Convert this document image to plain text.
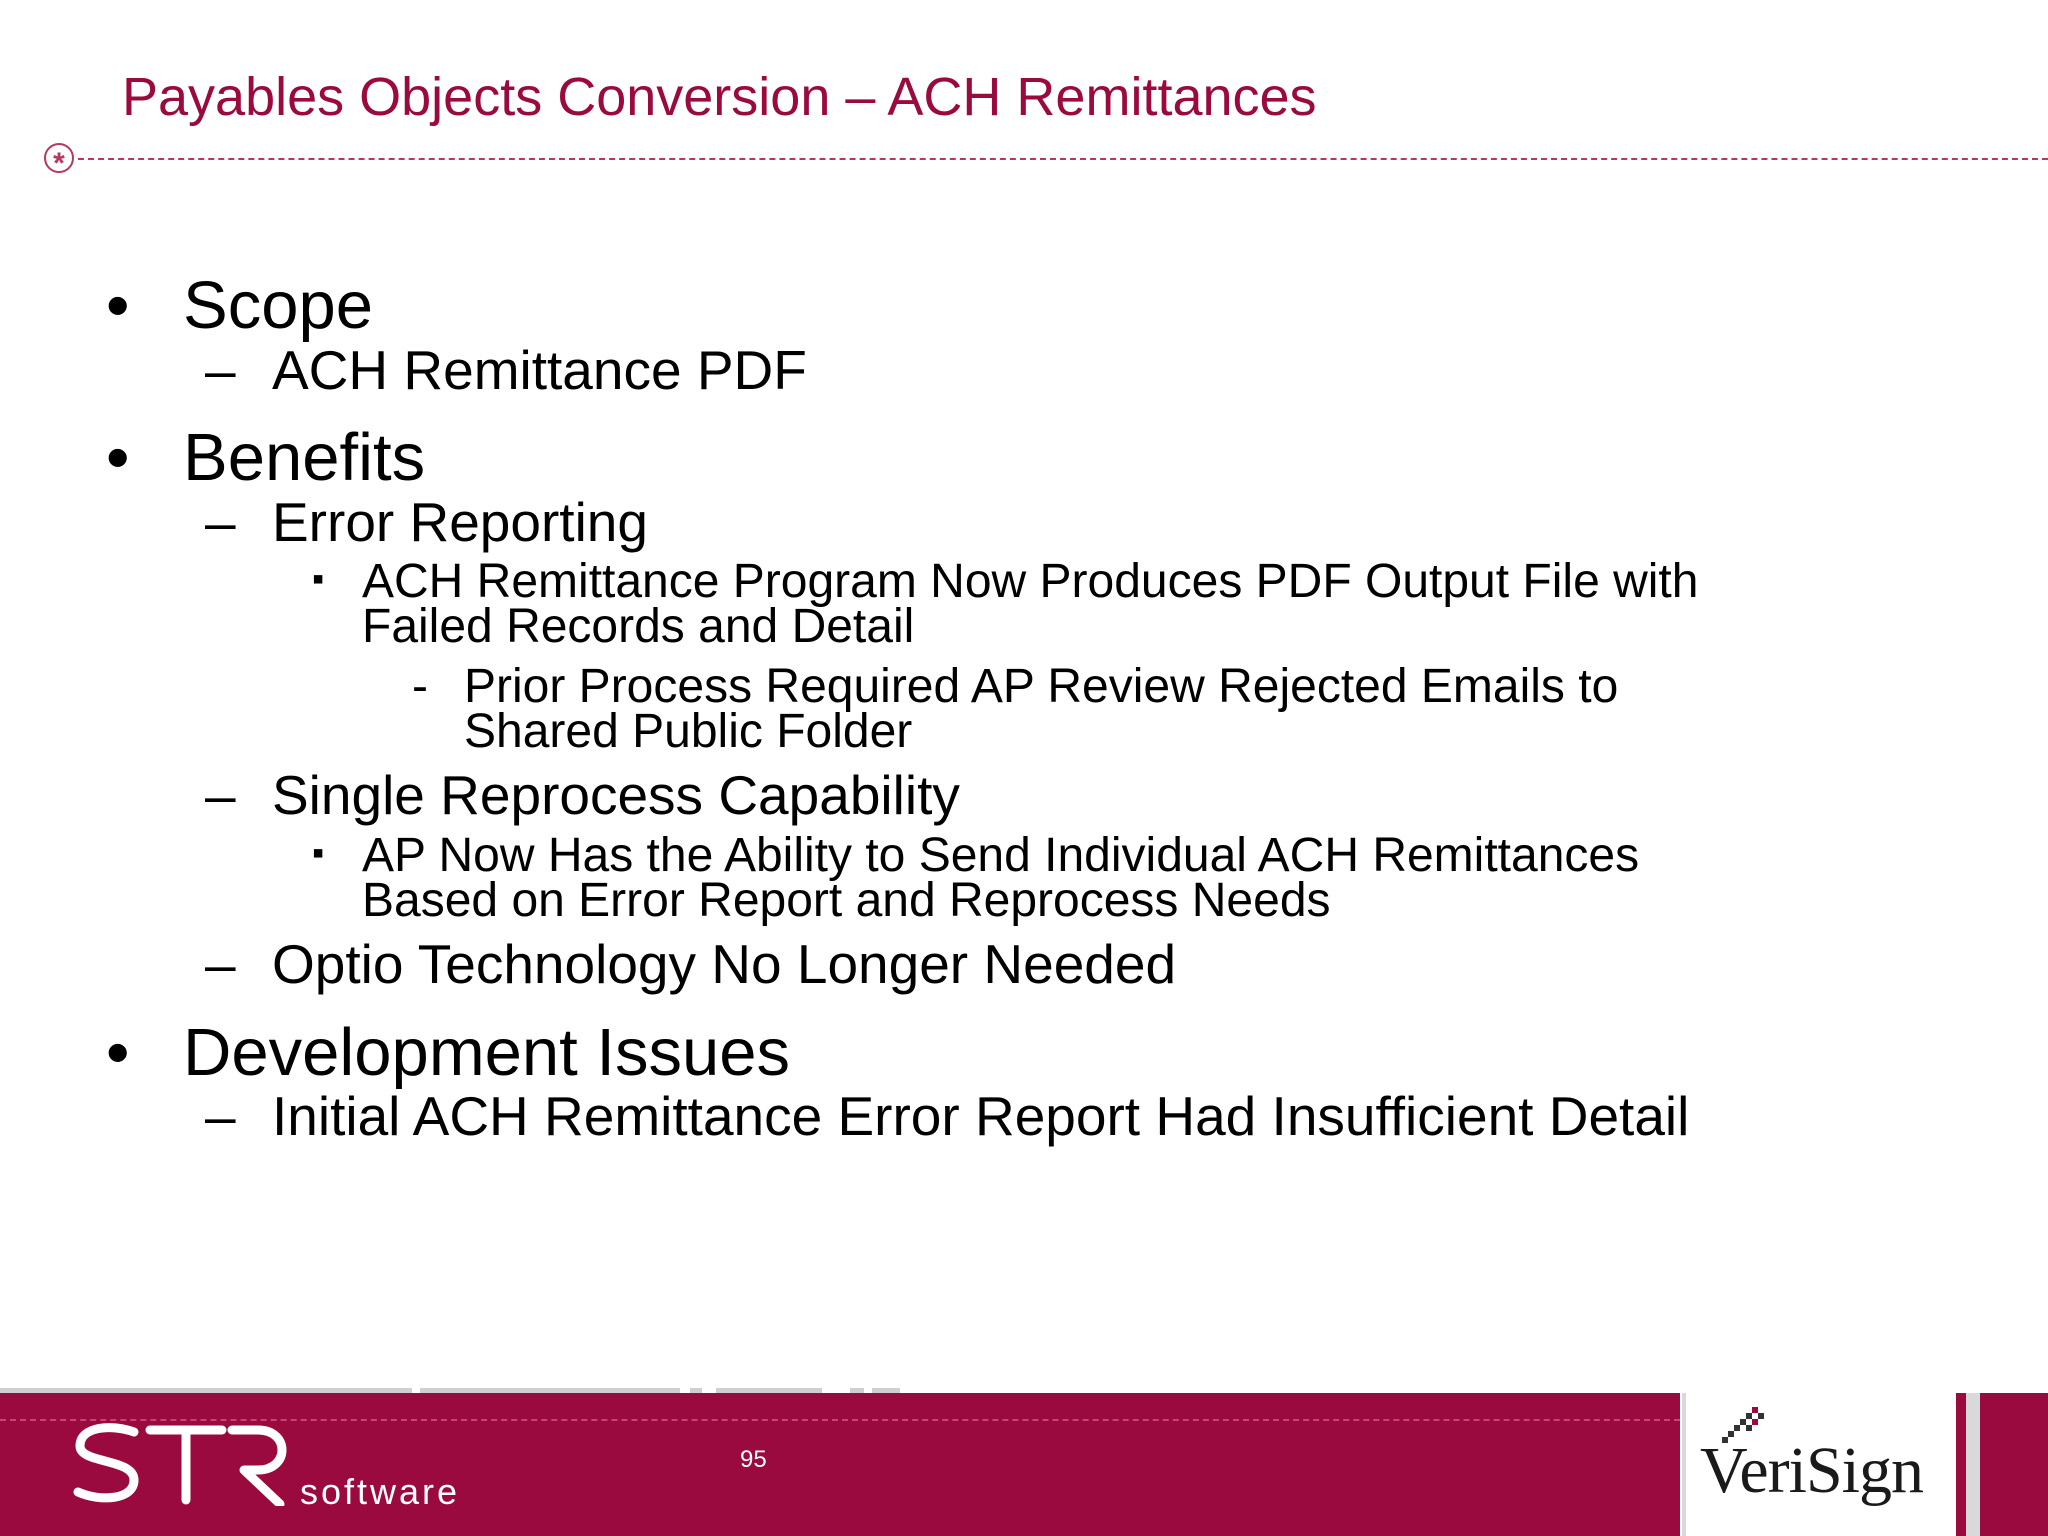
Payables Objects Conversion – ACH Remittances
*
• Scope
– ACH Remittance PDF
• Benefits
– Error Reporting
▪ ACH Remittance Program Now Produces PDF Output File with
Failed Records and Detail
- Prior Process Required AP Review Rejected Emails to
Shared Public Folder
– Single Reprocess Capability
▪ AP Now Has the Ability to Send Individual ACH Remittances
Based on Error Report and Reprocess Needs
– Optio Technology No Longer Needed
• Development Issues
– Initial ACH Remittance Error Report Had Insufficient Detail
software
95	VeriSign
